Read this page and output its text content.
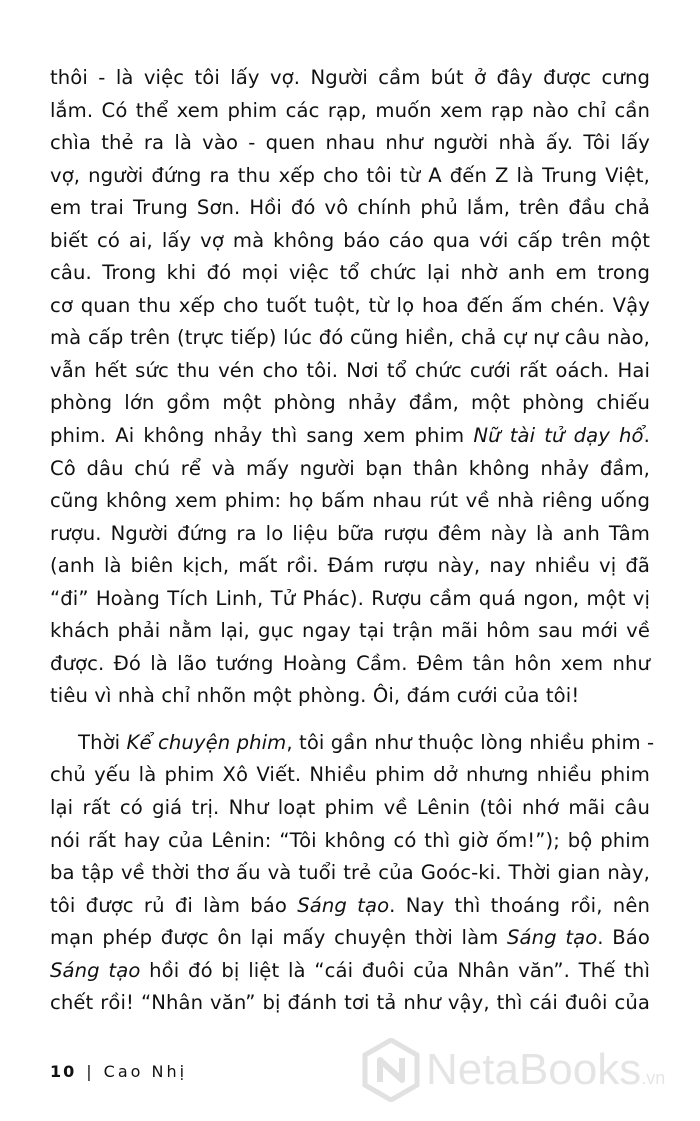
thôi - là việc tôi lấy vợ. Người cầm bút ở đây được cưng
lắm. Có thể xem phim các rạp, muốn xem rạp nào chỉ cần
chìa thẻ ra là vào - quen nhau như người nhà ấy. Tôi lấy
vợ, người đứng ra thu xếp cho tôi từ A đến Z là Trung Việt,
em trai Trung Sơn. Hồi đó vô chính phủ lắm, trên đầu chả
biết có ai, lấy vợ mà không báo cáo qua với cấp trên một
câu. Trong khi đó mọi việc tổ chức lại nhờ anh em trong
cơ quan thu xếp cho tuốt tuột, từ lọ hoa đến ấm chén. Vậy
mà cấp trên (trực tiếp) lúc đó cũng hiền, chả cự nự câu nào,
vẫn hết sức thu vén cho tôi. Nơi tổ chức cưới rất oách. Hai
phòng lớn gồm một phòng nhảy đầm, một phòng chiếu
phim. Ai không nhảy thì sang xem phim Nữ tài tử dạy hổ.
Cô dâu chú rể và mấy người bạn thân không nhảy đầm,
cũng không xem phim: họ bấm nhau rút về nhà riêng uống
rượu. Người đứng ra lo liệu bữa rượu đêm này là anh Tâm
(anh là biên kịch, mất rồi. Đám rượu này, nay nhiều vị đã
“đi” Hoàng Tích Linh, Tử Phác). Rượu cầm quá ngon, một vị
khách phải nằm lại, gục ngay tại trận mãi hôm sau mới về
được. Đó là lão tướng Hoàng Cầm. Đêm tân hôn xem như
tiêu vì nhà chỉ nhõn một phòng. Ôi, đám cưới của tôi!
Thời Kể chuyện phim, tôi gần như thuộc lòng nhiều phim -
chủ yếu là phim Xô Viết. Nhiều phim dở nhưng nhiều phim
lại rất có giá trị. Như loạt phim về Lênin (tôi nhớ mãi câu
nói rất hay của Lênin: “Tôi không có thì giờ ốm!”); bộ phim
ba tập về thời thơ ấu và tuổi trẻ của Goóc-ki. Thời gian này,
tôi được rủ đi làm báo Sáng tạo. Nay thì thoáng rồi, nên
mạn phép được ôn lại mấy chuyện thời làm Sáng tạo. Báo
Sáng tạo hồi đó bị liệt là “cái đuôi của Nhân văn”. Thế thì
chết rồi! “Nhân văn” bị đánh tơi tả như vậy, thì cái đuôi của
10 | Cao Nhị	NetaBooks.vn
